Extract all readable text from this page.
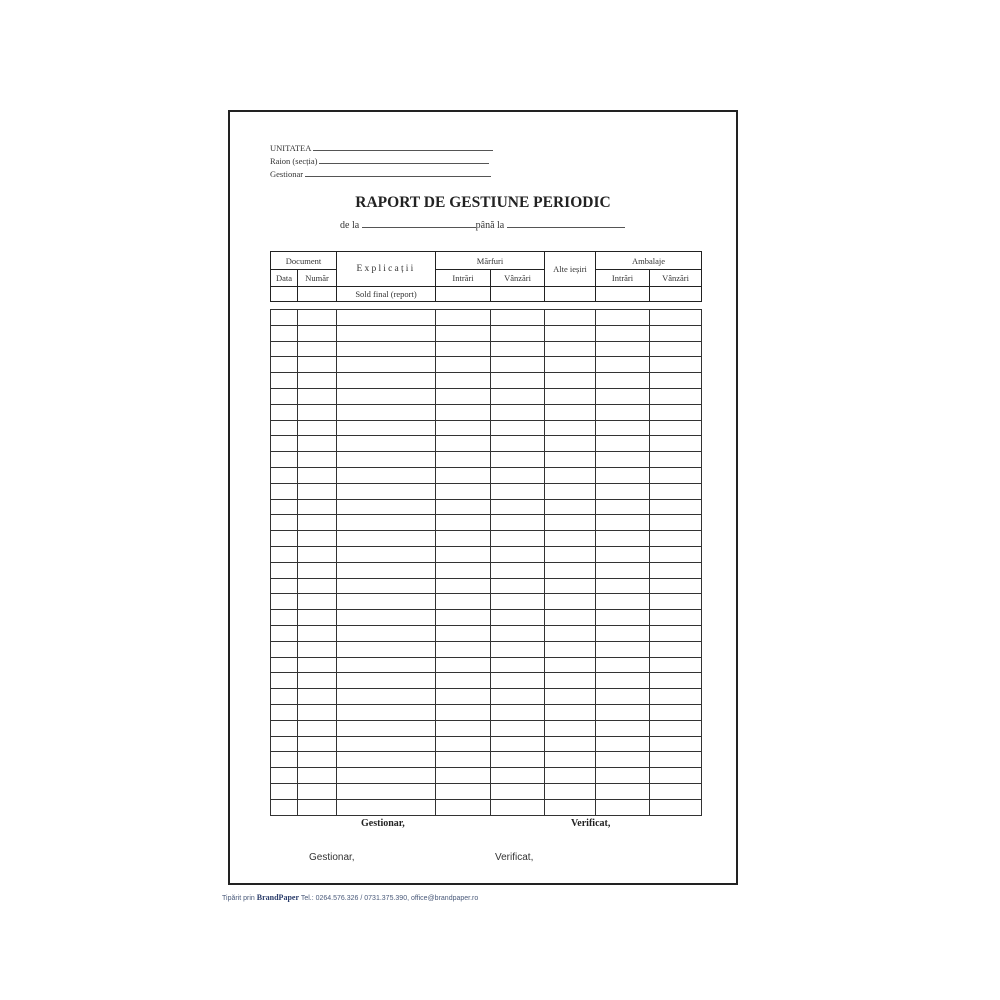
UNITATEA
Raion (secția)
Gestionar
RAPORT DE GESTIUNE PERIODIC
de la	până la
Document		Explicații	Mărfuri		Alte ieșiri	Ambalaje	
Data	Număr		Intrări	Vânzări		Intrări	Vânzări
		Sold final (report)					

Gestionar,	Verificat,
Gestionar,	Verificat,
Tipărit prin BrandPaper Tel.: 0264.576.326 / 0731.375.390, office@brandpaper.ro
